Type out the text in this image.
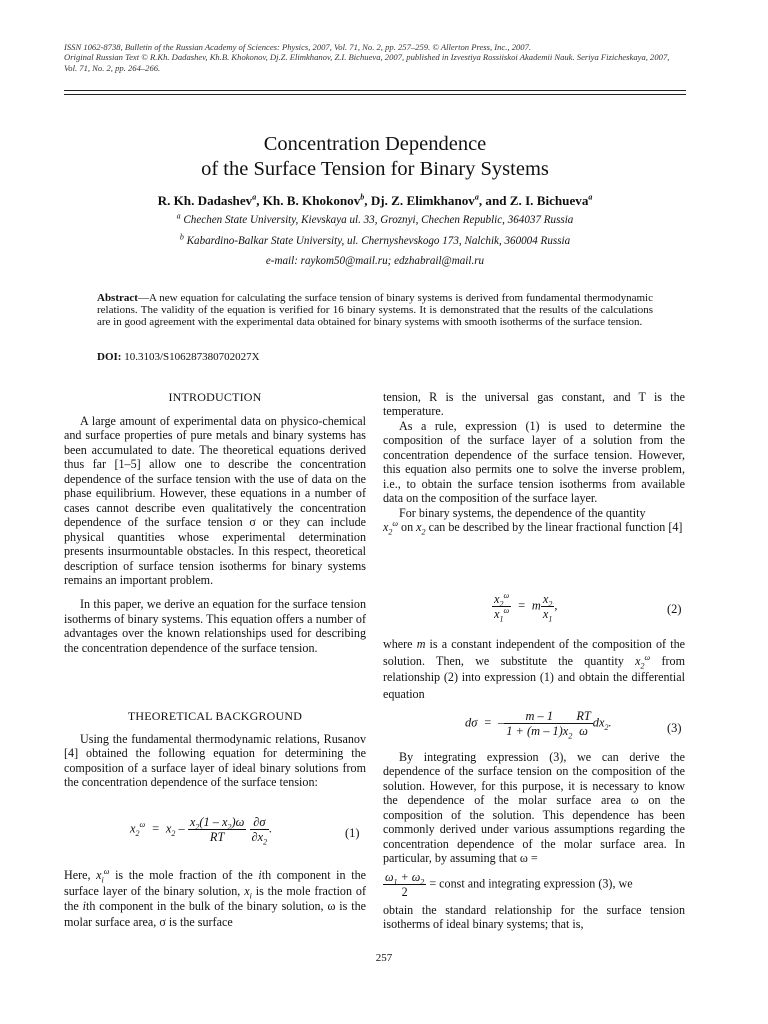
ISSN 1062-8738, Bulletin of the Russian Academy of Sciences: Physics, 2007, Vol. 71, No. 2, pp. 257–259. © Allerton Press, Inc., 2007.
Original Russian Text © R.Kh. Dadashev, Kh.B. Khokonov, Dj.Z. Elimkhanov, Z.I. Bichueva, 2007, published in Izvestiya Rossiiskoi Akademii Nauk. Seriya Fizicheskaya, 2007,
Vol. 71, No. 2, pp. 264–266.
Concentration Dependence
of the Surface Tension for Binary Systems
R. Kh. Dadashev$^a$, Kh. B. Khokonov$^b$, Dj. Z. Elimkhanov$^a$, and Z. I. Bichueva$^a$
$^a$ Chechen State University, Kievskaya ul. 33, Groznyi, Chechen Republic, 364037 Russia
$^b$ Kabardino-Balkar State University, ul. Chernyshevskogo 173, Nalchik, 360004 Russia
e-mail: raykom50@mail.ru; edzhabrail@mail.ru
Abstract—A new equation for calculating the surface tension of binary systems is derived from fundamental thermodynamic relations. The validity of the equation is verified for 16 binary systems. It is demonstrated that the results of the calculations are in good agreement with the experimental data obtained for binary systems with smooth isotherms of the surface tension.
DOI: 10.3103/S106287380702027X
INTRODUCTION

A large amount of experimental data on physico-chemical and surface properties of pure metals and binary systems has been accumulated to date. The theoretical equations derived thus far [1–5] allow one to describe the concentration dependence of the surface tension with the use of data on the phase equilibrium. However, these equations in a number of cases cannot describe even qualitatively the concentration dependence of the surface tension σ or they can include physical quantities whose experimental determination presents insurmountable obstacles. In this respect, theoretical description of surface tension isotherms for binary systems remains an important problem.

In this paper, we derive an equation for the surface tension isotherms of binary systems. This equation offers a number of advantages over the known relationships used for describing the concentration dependence of the surface tension.

THEORETICAL BACKGROUND

Using the fundamental thermodynamic relations, Rusanov [4] obtained the following equation for determining the composition of a surface layer of ideal binary solutions from the concentration dependence of the surface tension:

$x_2^\omega = x_2 - \frac{x_2(1 - x_2)\omega}{RT}$
$\frac{\partial\sigma}{\partial x_2}$ .	(1)

Here, $x_i^\omega$ is the mole fraction of the ith component in the surface layer of the binary solution, $x_i$ is the mole fraction of the ith component in the bulk of the binary solution, ω is the molar surface area, σ is the surface

tension, R is the universal gas constant, and T is the temperature.

As a rule, expression (1) is used to determine the composition of the surface layer of a solution from the concentration dependence of the surface tension. However, this equation also permits one to solve the inverse problem, i.e., to obtain the surface tension isotherms from available data on the composition of the surface layer.

For binary systems, the dependence of the quantity
$x_2^\omega$ on $x_2$ can be described by the linear fractional function [4]

$\frac{x_2^\omega}{x_1^\omega} = m \frac{x_2}{x_1}$ ,	(2)

where m is a constant independent of the composition of the solution. Then, we substitute the quantity $x_2^\omega$ from relationship (2) into expression (1) and obtain the differential equation

dσ  =  – $\frac{m - 1}{1 + (m - 1)x_2} \frac{RT}{\omega} dx_2$.	(3)

By integrating expression (3), we can derive the dependence of the surface tension on the composition of the solution. However, for this purpose, it is necessary to know the dependence of the molar surface area ω on the composition of the solution. This dependence has been commonly derived under various assumptions regarding the concentration dependence of the molar surface area. In particular, by assuming that ω =

$\frac{\omega_1 + \omega_2}{2}$ = const and integrating expression (3), we

obtain the standard relationship for the surface tension isotherms of ideal binary systems; that is,

257
